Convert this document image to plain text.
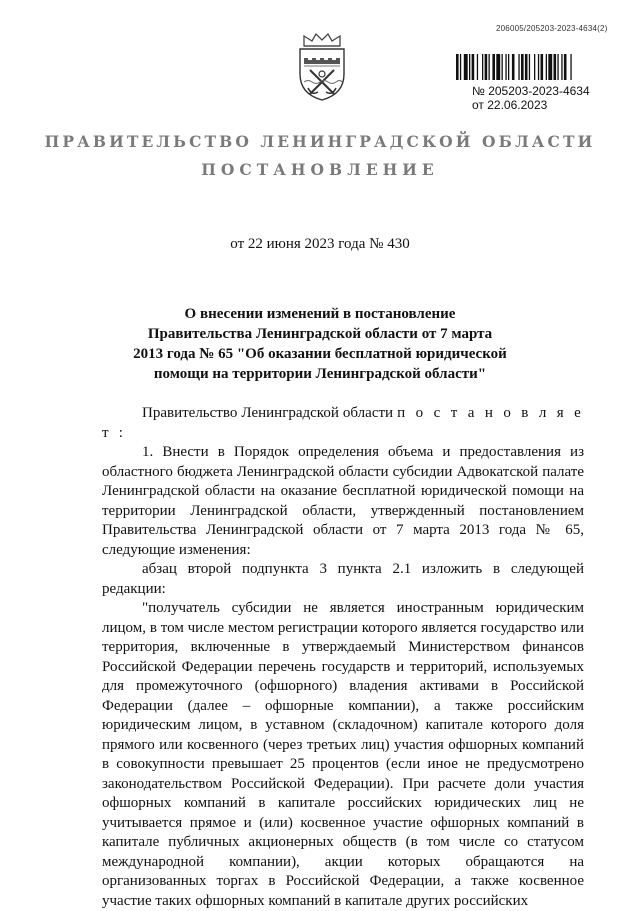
206005/205203-2023-4634(2)
№ 205203-2023-4634
от 22.06.2023
ПРАВИТЕЛЬСТВО ЛЕНИНГРАДСКОЙ ОБЛАСТИ
ПОСТАНОВЛЕНИЕ
от 22 июня 2023 года № 430
О внесении изменений в постановление
Правительства Ленинградской области от 7 марта
2013 года № 65 "Об оказании бесплатной юридической
помощи на территории Ленинградской области"

Правительство Ленинградской области п о с т а н о в л я е т :

1. Внести в Порядок определения объема и предоставления из областного бюджета Ленинградской области субсидии Адвокатской палате Ленинградской области на оказание бесплатной юридической помощи на территории Ленинградской области, утвержденный постановлением Правительства Ленинградской области от 7 марта 2013 года № 65, следующие изменения:

абзац второй подпункта 3 пункта 2.1 изложить в следующей редакции:

"получатель субсидии не является иностранным юридическим лицом, в том числе местом регистрации которого является государство или территория, включенные в утверждаемый Министерством финансов Российской Федерации перечень государств и территорий, используемых для промежуточного (офшорного) владения активами в Российской Федерации (далее – офшорные компании), а также российским юридическим лицом, в уставном (складочном) капитале которого доля прямого или косвенного (через третьих лиц) участия офшорных компаний в совокупности превышает 25 процентов (если иное не предусмотрено законодательством Российской Федерации). При расчете доли участия офшорных компаний в капитале российских юридических лиц не учитывается прямое и (или) косвенное участие офшорных компаний в капитале публичных акционерных обществ (в том числе со статусом международной компании), акции которых обращаются на организованных торгах в Российской Федерации, а также косвенное участие таких офшорных компаний в капитале других российских
